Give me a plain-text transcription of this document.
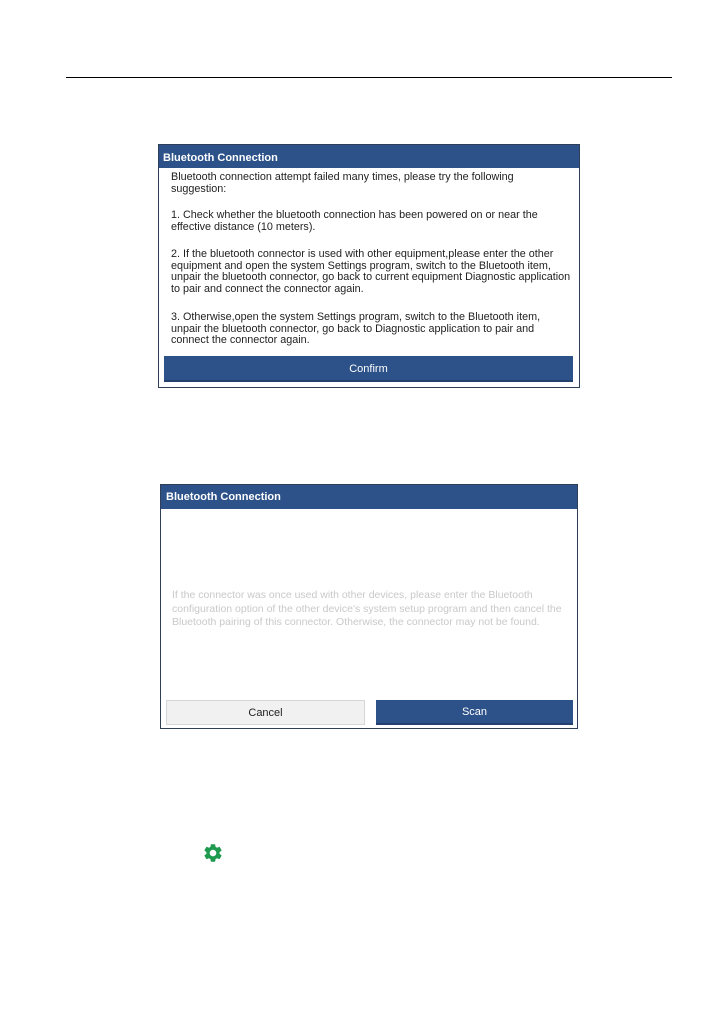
Bluetooth Connection

Bluetooth connection attempt failed many times, please try the following suggestion:

1. Check whether the bluetooth connection has been powered on or near the effective distance (10 meters).

2. If the bluetooth connector is used with other equipment,please enter the other equipment and open the system Settings program, switch to the Bluetooth item, unpair the bluetooth connector, go back to current equipment Diagnostic application to pair and connect the connector again.

3. Otherwise,open the system Settings program, switch to the Bluetooth item, unpair the bluetooth connector, go back to Diagnostic application to pair and connect the connector again.

Confirm
Bluetooth Connection

If the connector was once used with other devices, please enter the Bluetooth configuration option of the other device's system setup program and then cancel the Bluetooth pairing of this connector. Otherwise, the connector may not be found.

Cancel	Scan
